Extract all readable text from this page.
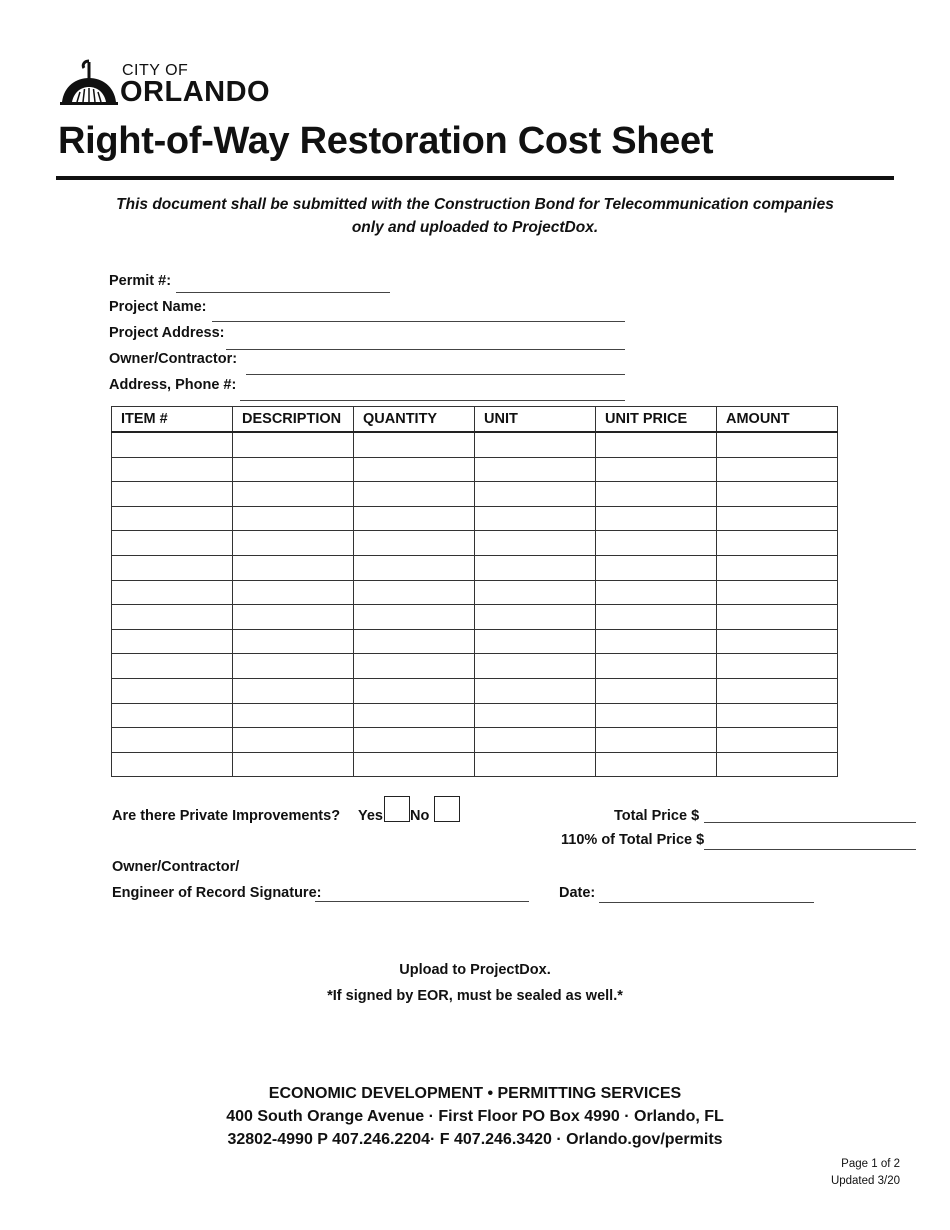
CITY OF
ORLANDO
Right-of-Way Restoration Cost Sheet
This document shall be submitted with the Construction Bond for Telecommunication companies only and uploaded to ProjectDox.
Permit #:
Project Name:
Project Address:
Owner/Contractor:
Address, Phone #:
ITEM #	DESCRIPTION	QUANTITY	UNIT	UNIT PRICE	AMOUNT

Are there Private Improvements? Yes No	Total Price $
110% of Total Price $
Owner/Contractor/
Engineer of Record Signature:	Date:
Upload to ProjectDox.
*If signed by EOR, must be sealed as well.*
ECONOMIC DEVELOPMENT • PERMITTING SERVICES
400 South Orange Avenue · First Floor PO Box 4990 · Orlando, FL
32802-4990 P 407.246.2204· F 407.246.3420 · Orlando.gov/permits
Page 1 of 2
Updated 3/20
